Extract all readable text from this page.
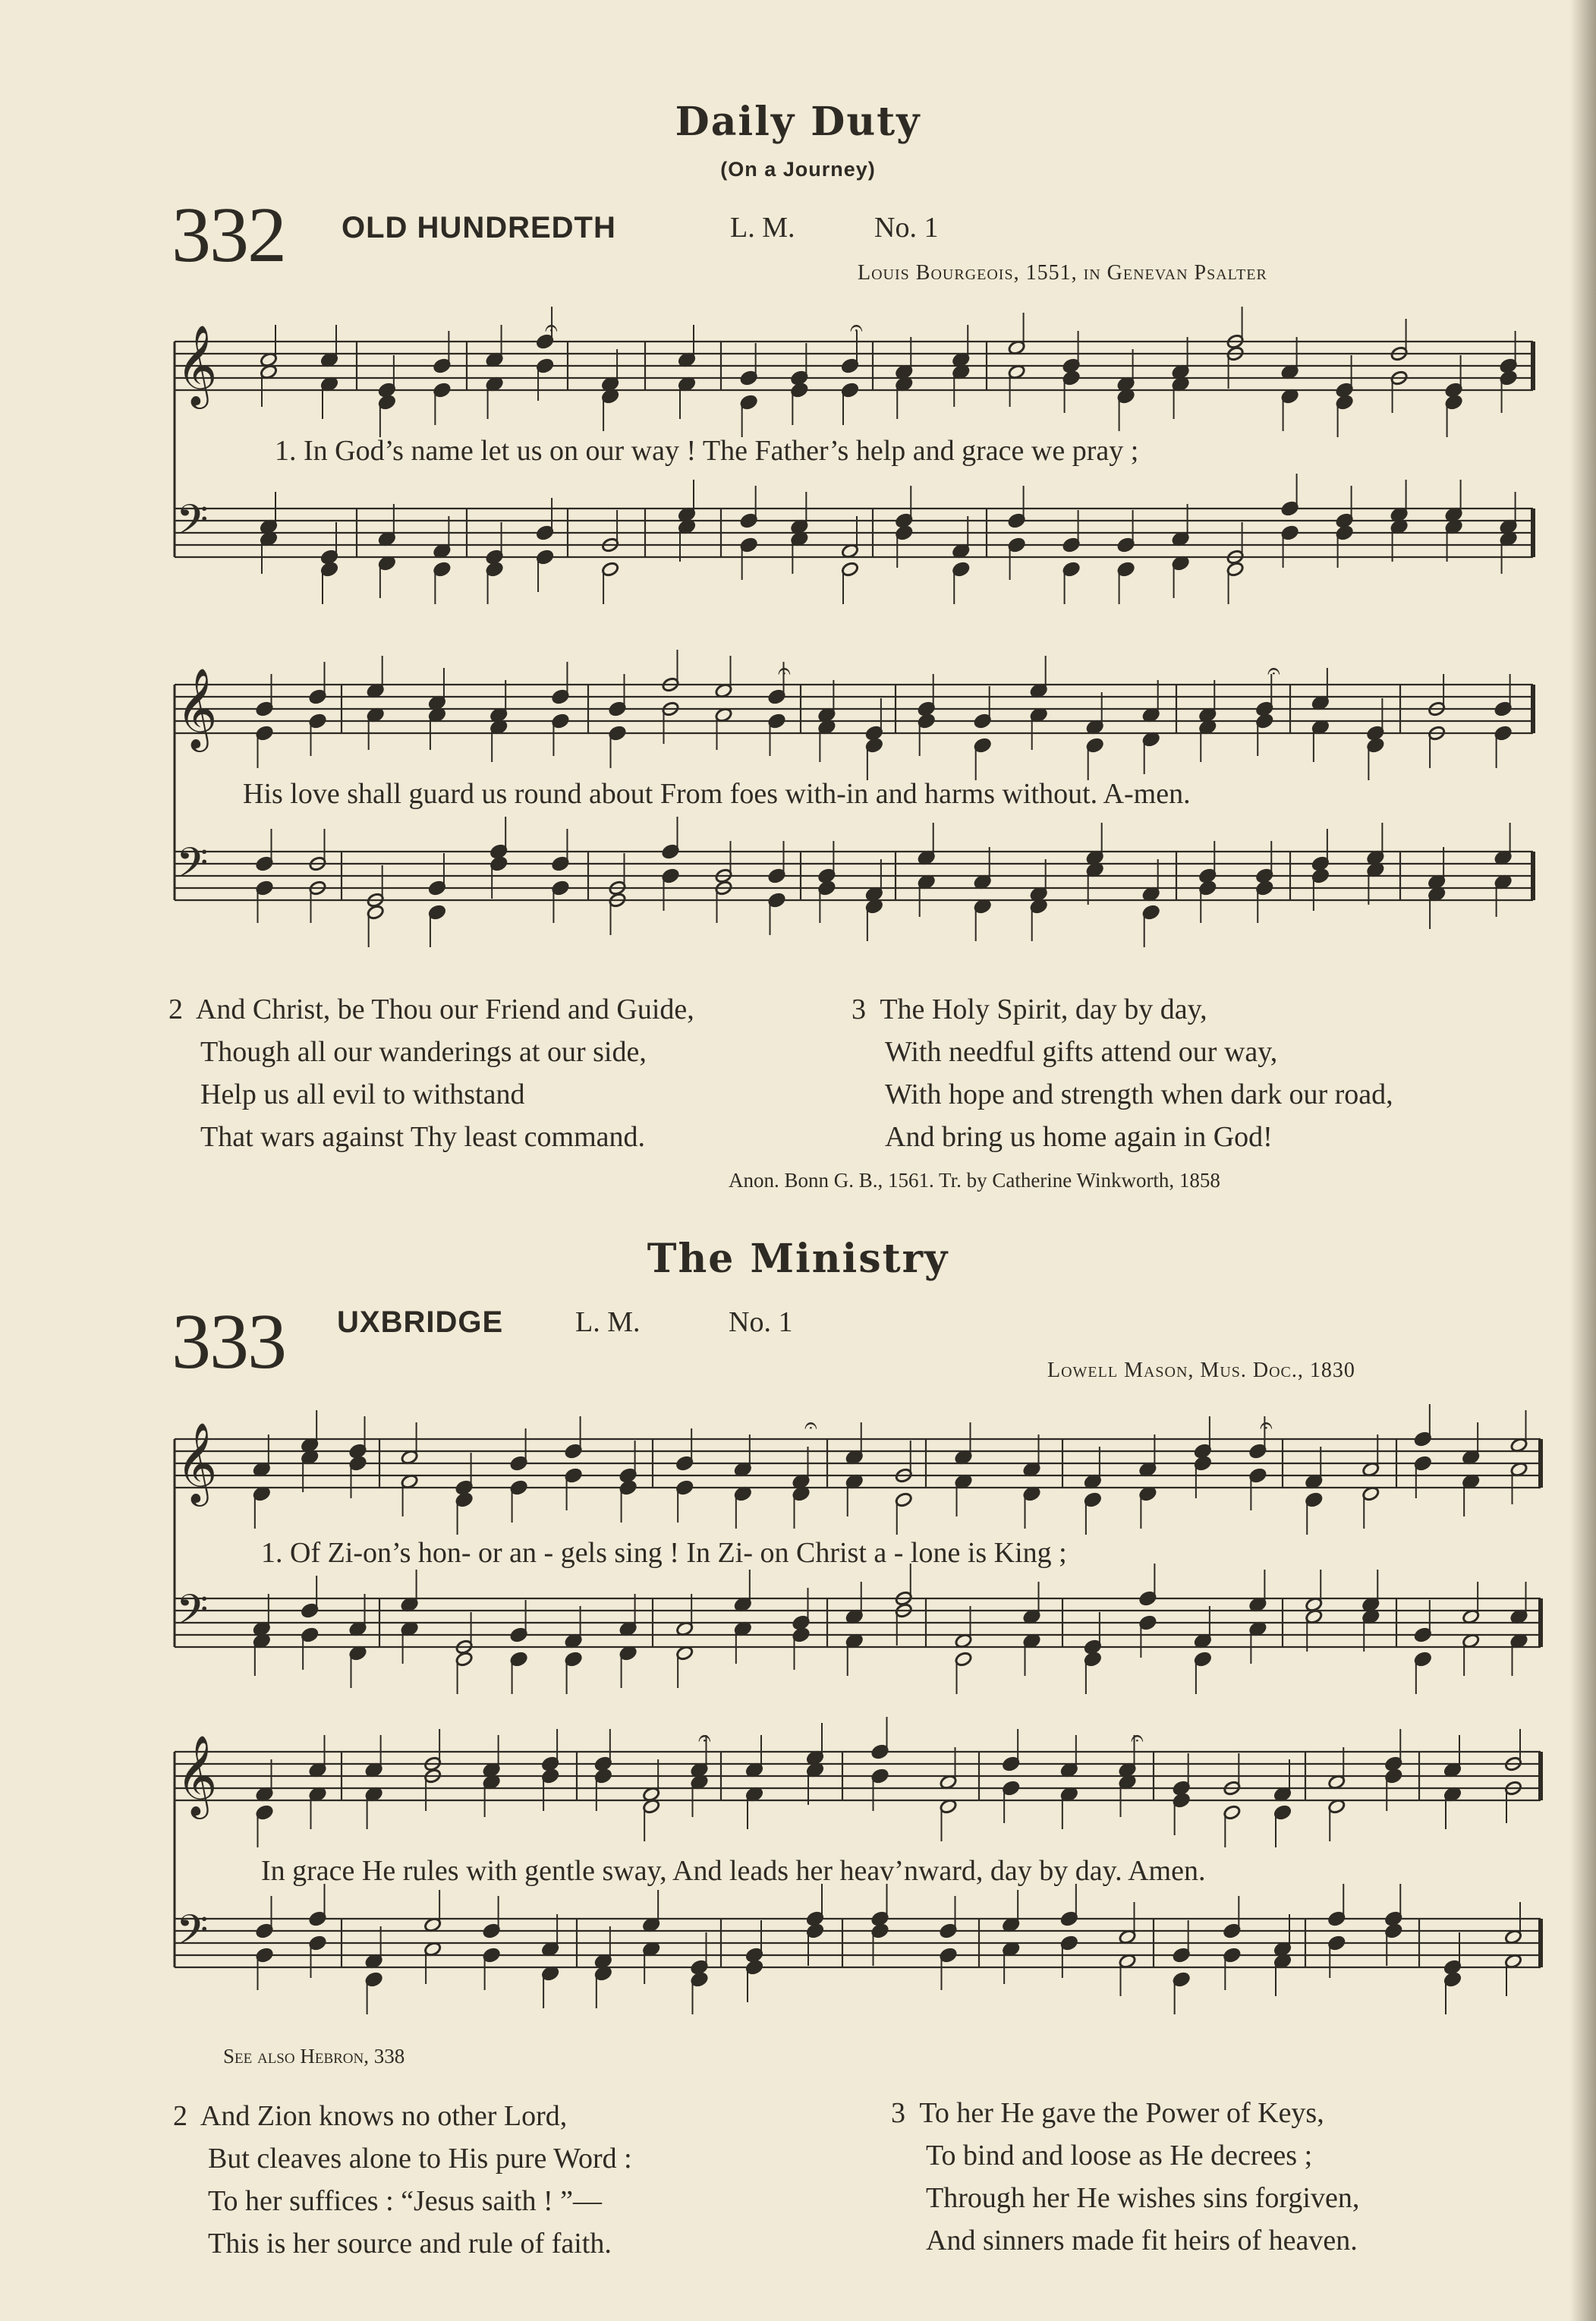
Daily Duty
(On a Journey)
332 OLD HUNDREDTH	L. M.	No. 1
Louis Bourgeois, 1551, in Genevan Psalter
𝄞
𝄢
𝄐	𝄐
1. In God’s name let us on our way ! The Father’s help and grace we pray ;
𝄞
𝄢
𝄐	𝄐
His love shall guard us round about From foes with-in and harms without. A-men.
2 And Christ, be Thou our Friend and Guide,
Though all our wanderings at our side,
Help us all evil to withstand
That wars against Thy least command.
3 The Holy Spirit, day by day,
With needful gifts attend our way,
With hope and strength when dark our road,
And bring us home again in God!
Anon. Bonn G. B., 1561. Tr. by Catherine Winkworth, 1858
The Ministry
333 UXBRIDGE L. M.	No. 1
Lowell Mason, Mus. Doc., 1830
𝄞
𝄢
𝄐	𝄐
1. Of Zi-on’s hon- or an - gels sing ! In Zi- on Christ a - lone is King ;
𝄞
𝄢
𝄐	𝄐
In grace He rules with gentle sway, And leads her heav’nward, day by day. Amen.
See also Hebron, 338
2 And Zion knows no other Lord,
But cleaves alone to His pure Word :
To her suffices : “Jesus saith ! ”—
This is her source and rule of faith.
3 To her He gave the Power of Keys,
To bind and loose as He decrees ;
Through her He wishes sins forgiven,
And sinners made fit heirs of heaven.
